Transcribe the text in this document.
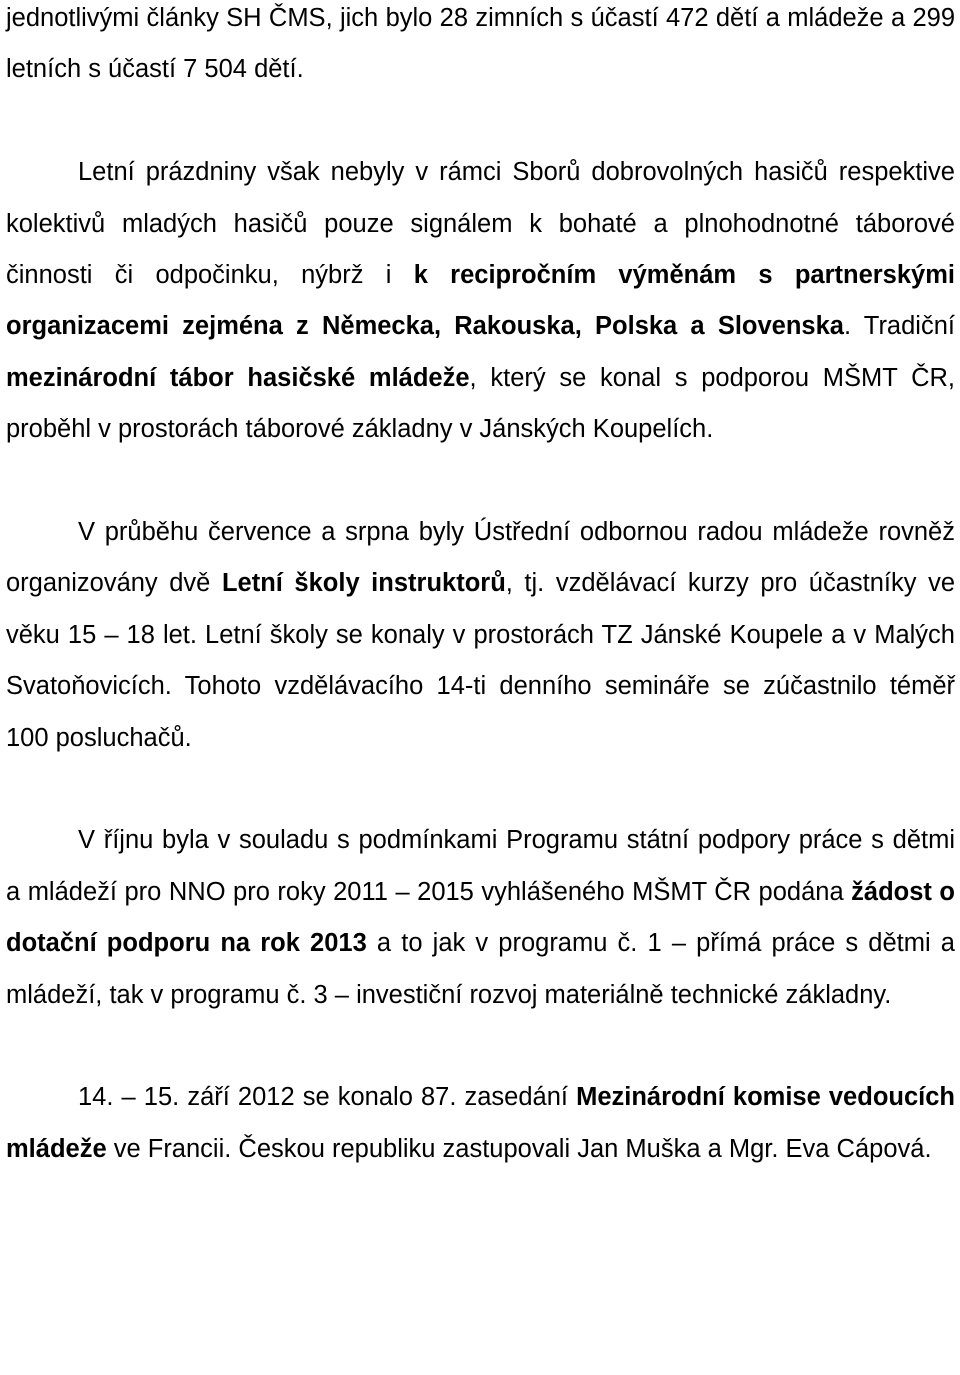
jednotlivými články SH ČMS, jich bylo 28 zimních s účastí 472 dětí a mládeže a 299 letních s účastí 7 504 dětí.

Letní prázdniny však nebyly v rámci Sborů dobrovolných hasičů respektive kolektivů mladých hasičů pouze signálem k bohaté a plnohodnotné táborové činnosti či odpočinku, nýbrž i k recipročním výměnám s partnerskými organizacemi zejména z Německa, Rakouska, Polska a Slovenska. Tradiční mezinárodní tábor hasičské mládeže, který se konal s podporou MŠMT ČR, proběhl v prostorách táborové základny v Jánských Koupelích.

V průběhu července a srpna byly Ústřední odbornou radou mládeže rovněž organizovány dvě Letní školy instruktorů, tj. vzdělávací kurzy pro účastníky ve věku 15 – 18 let. Letní školy se konaly v prostorách TZ Jánské Koupele a v Malých Svatoňovicích. Tohoto vzdělávacího 14-ti denního semináře se zúčastnilo téměř 100 posluchačů.

V říjnu byla v souladu s podmínkami Programu státní podpory práce s dětmi a mládeží pro NNO pro roky 2011 – 2015 vyhlášeného MŠMT ČR podána žádost o dotační podporu na rok 2013 a to jak v programu č. 1 – přímá práce s dětmi a mládeží, tak v programu č. 3 – investiční rozvoj materiálně technické základny.

14. – 15. září 2012 se konalo 87. zasedání Mezinárodní komise vedoucích mládeže ve Francii. Českou republiku zastupovali Jan Muška a Mgr. Eva Cápová.
